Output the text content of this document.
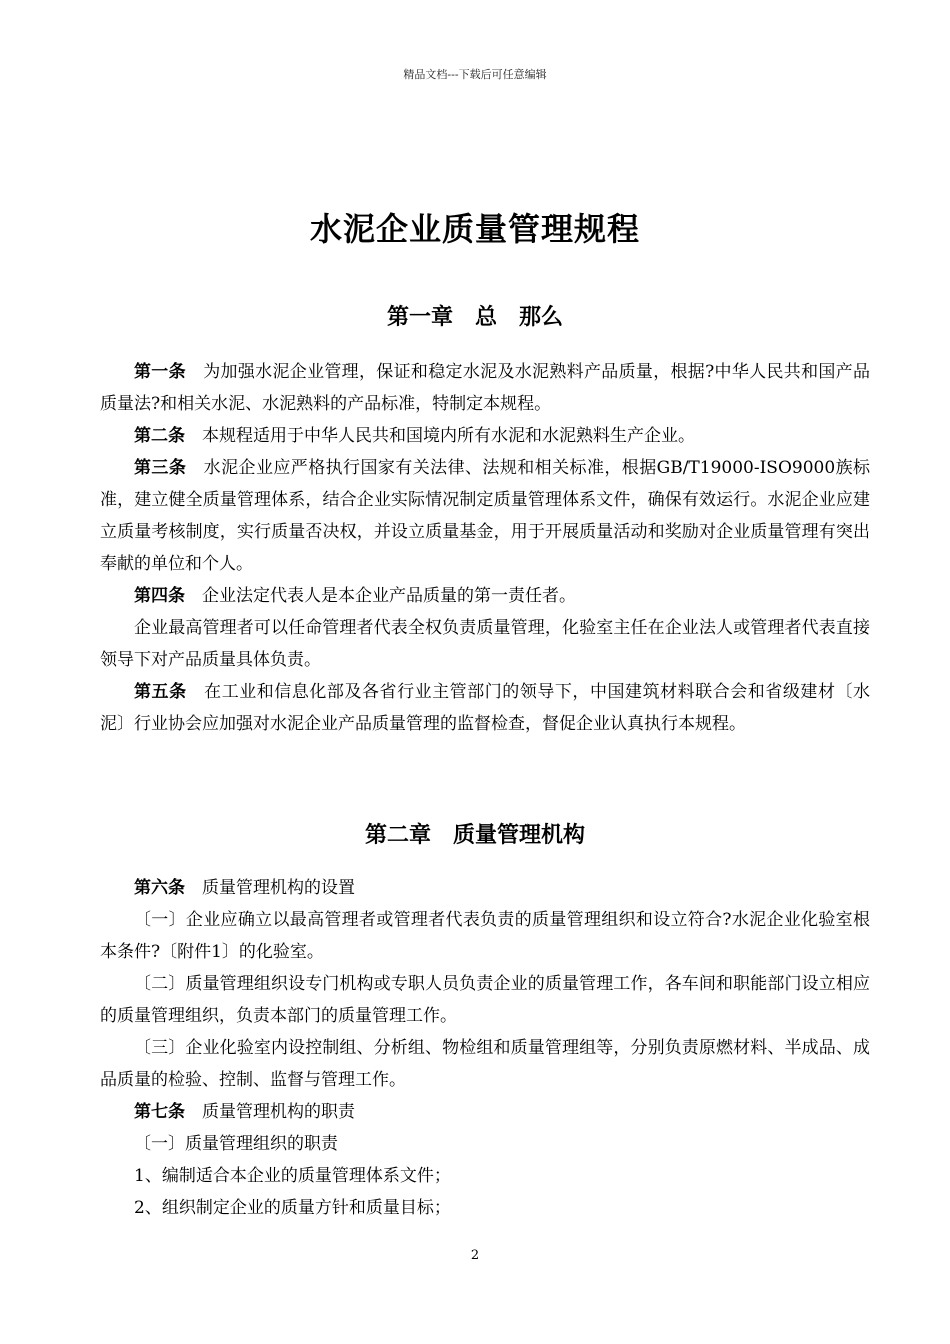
精品文档---下载后可任意编辑
水泥企业质量管理规程
第一章　总　那么

第一条　为加强水泥企业管理，保证和稳定水泥及水泥熟料产品质量，根据?中华人民共和国产品质量法?和相关水泥、水泥熟料的产品标准，特制定本规程。

第二条　本规程适用于中华人民共和国境内所有水泥和水泥熟料生产企业。

第三条　水泥企业应严格执行国家有关法律、法规和相关标准，根据GB/T19000-ISO9000族标准，建立健全质量管理体系，结合企业实际情况制定质量管理体系文件，确保有效运行。水泥企业应建立质量考核制度，实行质量否决权，并设立质量基金，用于开展质量活动和奖励对企业质量管理有突出奉献的单位和个人。

第四条　企业法定代表人是本企业产品质量的第一责任者。

企业最高管理者可以任命管理者代表全权负责质量管理，化验室主任在企业法人或管理者代表直接领导下对产品质量具体负责。

第五条　在工业和信息化部及各省行业主管部门的领导下，中国建筑材料联合会和省级建材〔水泥〕行业协会应加强对水泥企业产品质量管理的监督检查，督促企业认真执行本规程。

第二章　质量管理机构

第六条　质量管理机构的设置

〔一〕企业应确立以最高管理者或管理者代表负责的质量管理组织和设立符合?水泥企业化验室根本条件?〔附件1〕的化验室。

〔二〕质量管理组织设专门机构或专职人员负责企业的质量管理工作，各车间和职能部门设立相应的质量管理组织，负责本部门的质量管理工作。

〔三〕企业化验室内设控制组、分析组、物检组和质量管理组等，分别负责原燃材料、半成品、成品质量的检验、控制、监督与管理工作。

第七条　质量管理机构的职责

〔一〕质量管理组织的职责

1、编制适合本企业的质量管理体系文件；

2、组织制定企业的质量方针和质量目标；

2
